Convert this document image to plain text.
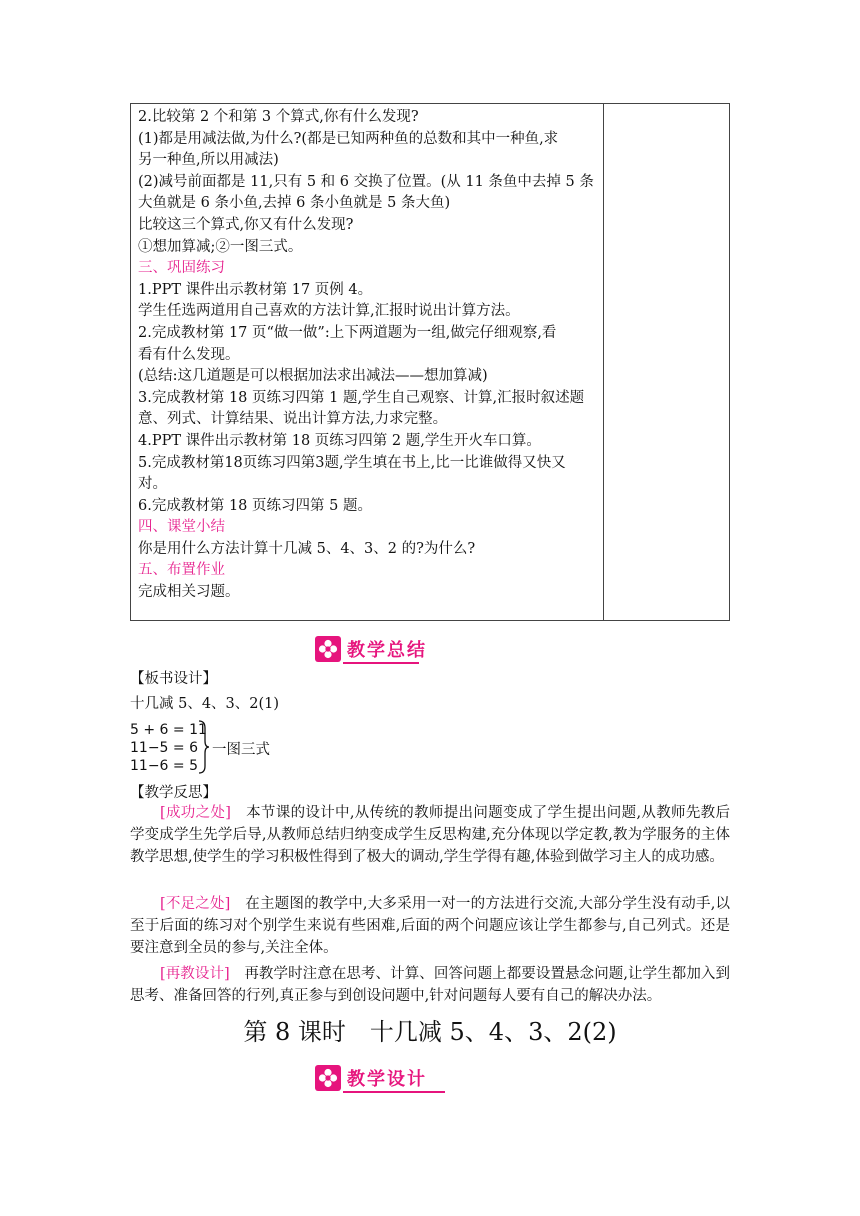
2.比较第 2 个和第 3 个算式,你有什么发现?
(1)都是用减法做,为什么?(都是已知两种鱼的总数和其中一种鱼,求
另一种鱼,所以用减法)
(2)减号前面都是 11,只有 5 和 6 交换了位置。(从 11 条鱼中去掉 5 条
大鱼就是 6 条小鱼,去掉 6 条小鱼就是 5 条大鱼)
比较这三个算式,你又有什么发现?
①想加算减;②一图三式。
三、巩固练习
1.PPT 课件出示教材第 17 页例 4。
学生任选两道用自己喜欢的方法计算,汇报时说出计算方法。
2.完成教材第 17 页“做一做”:上下两道题为一组,做完仔细观察,看
看有什么发现。
(总结:这几道题是可以根据加法求出减法——想加算减)
3.完成教材第 18 页练习四第 1 题,学生自己观察、计算,汇报时叙述题
意、列式、计算结果、说出计算方法,力求完整。
4.PPT 课件出示教材第 18 页练习四第 2 题,学生开火车口算。
5.完成教材第18页练习四第3题,学生填在书上,比一比谁做得又快又
对。
6.完成教材第 18 页练习四第 5 题。
四、课堂小结
你是用什么方法计算十几减 5、4、3、2 的?为什么?
五、布置作业
完成相关习题。
教学总结
【板书设计】
十几减 5、4、3、2(1)
5 + 6 = 11
11−5 = 6
11−6 = 5
一图三式
【教学反思】
[成功之处]　 本节课的设计中,从传统的教师提出问题变成了学生提出问题,从教师先教后学变成学生先学后导,从教师总结归纳变成学生反思构建,充分体现以学定教,教为学服务的主体教学思想,使学生的学习积极性得到了极大的调动,学生学得有趣,体验到做学习主人的成功感。
[不足之处]　 在主题图的教学中,大多采用一对一的方法进行交流,大部分学生没有动手,以至于后面的练习对个别学生来说有些困难,后面的两个问题应该让学生都参与,自己列式。还是要注意到全员的参与,关注全体。
[再教设计]　 再教学时注意在思考、计算、回答问题上都要设置悬念问题,让学生都加入到思考、准备回答的行列,真正参与到创设问题中,针对问题每人要有自己的解决办法。
第 8 课时　十几减 5、4、3、2(2)
教学设计
